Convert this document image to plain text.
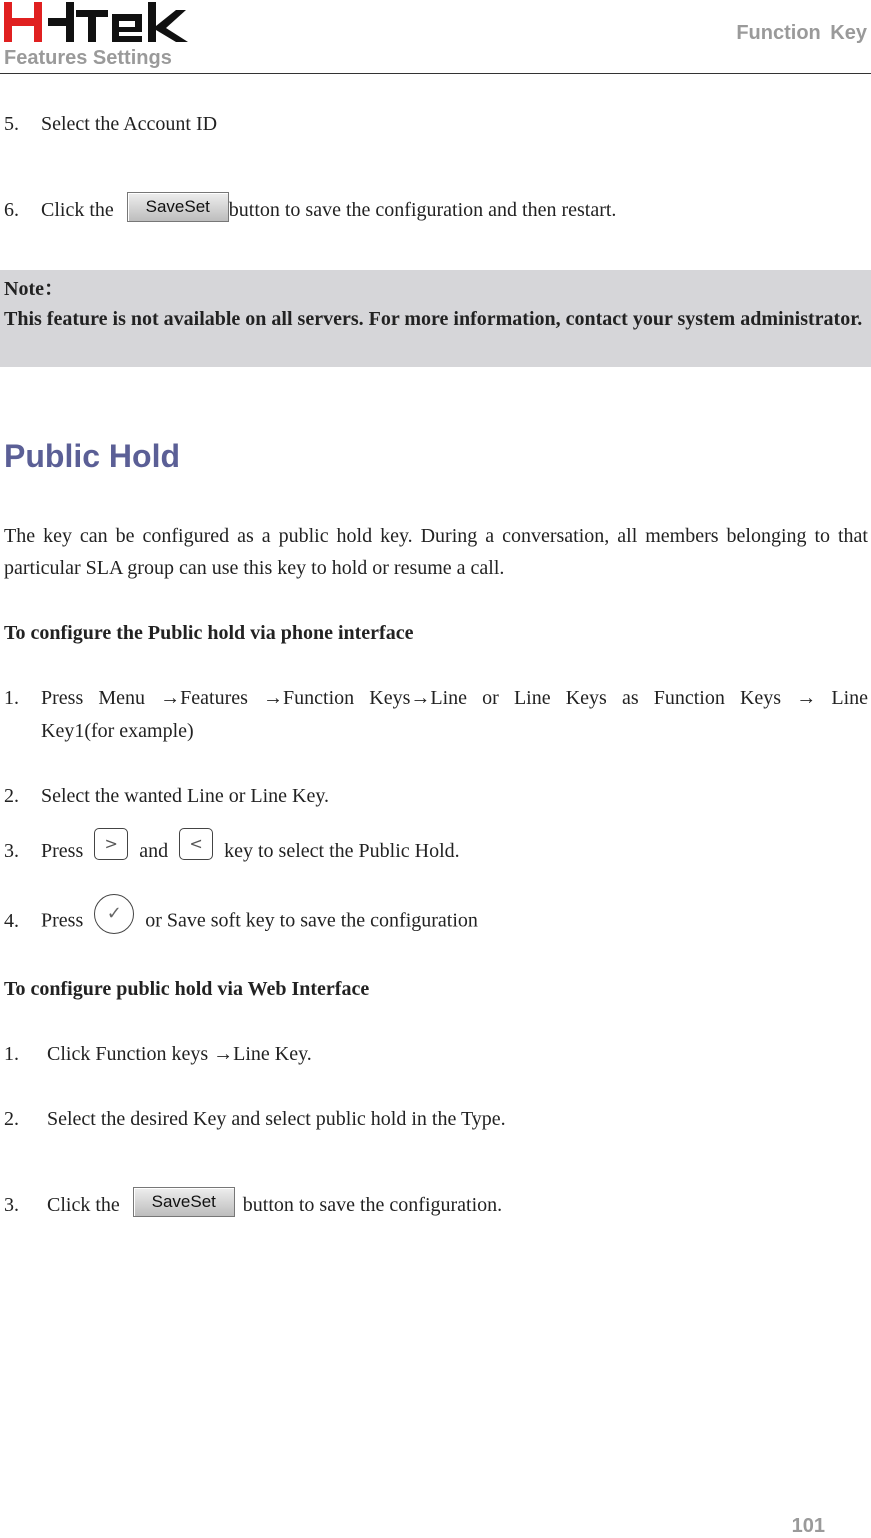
Features Settings
Function Key
5. Select the Account ID
6. Click the SaveSet button to save the configuration and then restart.
Note：
This feature is not available on all servers. For more information, contact your system administrator.
Public Hold
The key can be configured as a public hold key. During a conversation, all members belonging to that particular SLA group can use this key to hold or resume a call.
To configure the Public hold via phone interface
1. Press Menu →Features →Function Keys→Line or Line Keys as Function Keys → Line
Key1(for example)
2. Select the wanted Line or Line Key.
3. Press > and < key to select the Public Hold.
4. Press ✓ or Save soft key to save the configuration
To configure public hold via Web Interface
1. Click Function keys →Line Key.
2. Select the desired Key and select public hold in the Type.
3. Click the SaveSet button to save the configuration.
101
